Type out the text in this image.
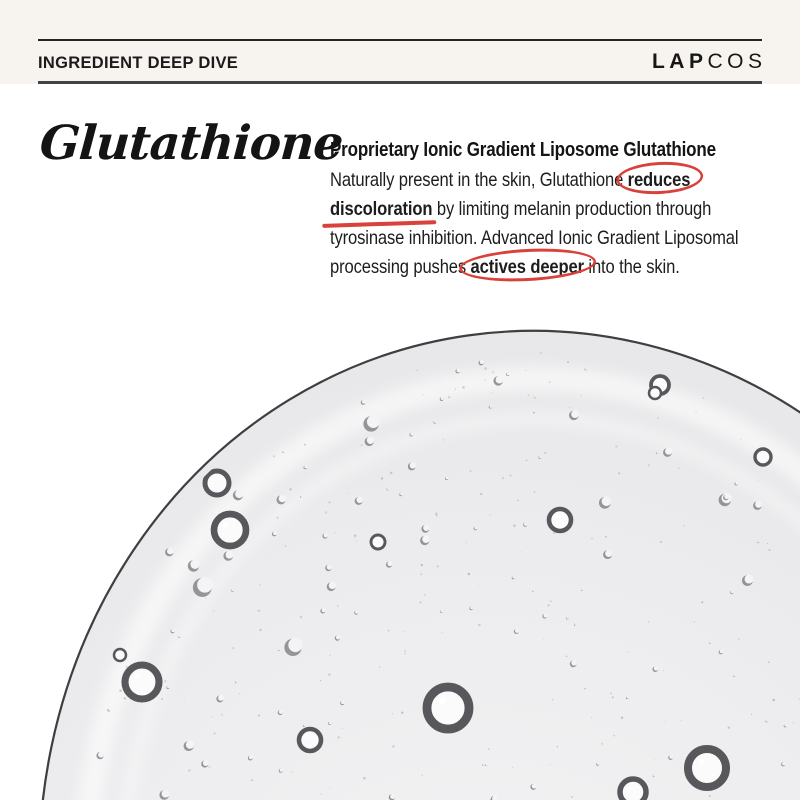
INGREDIENT DEEP DIVE	LAPCOS
Glutathione
Proprietary Ionic Gradient Liposome Glutathione

Naturally present in the skin, Glutathione reduces discoloration by limiting melanin production through tyrosinase inhibition. Advanced Ionic Gradient Liposomal processing pushes actives deeper into the skin.
